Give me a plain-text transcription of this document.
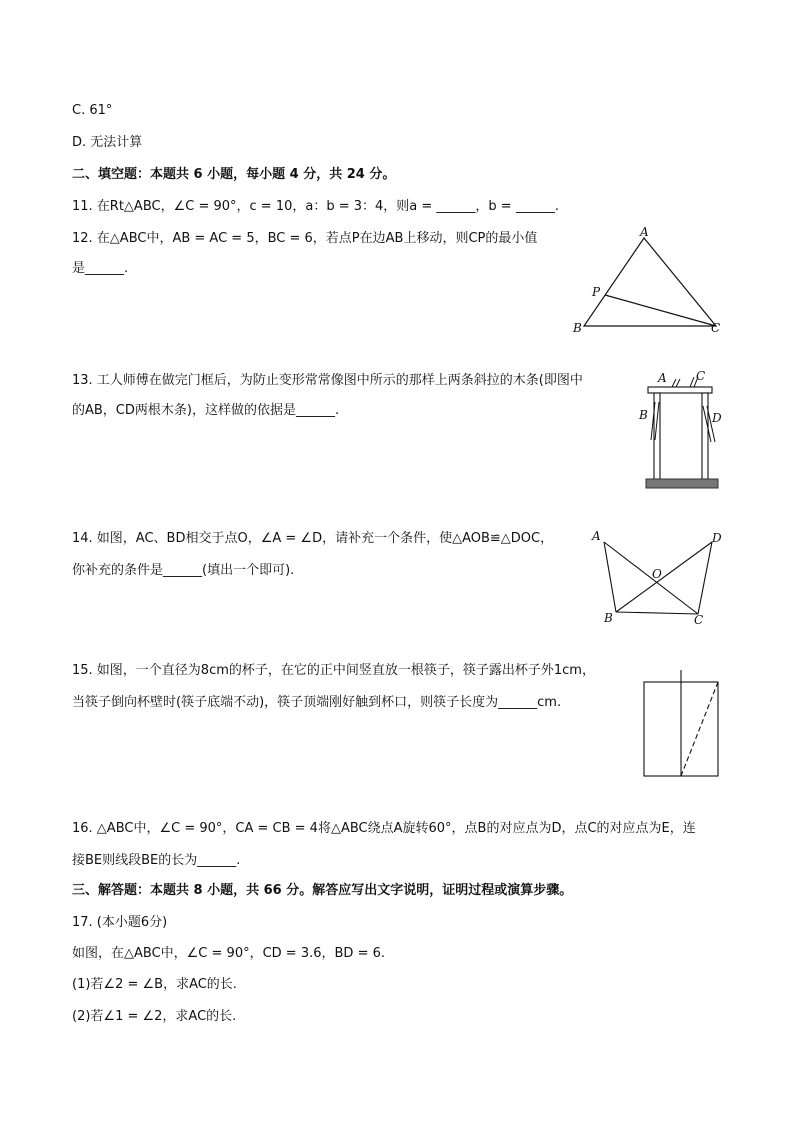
C. 61°
D. 无法计算
二、填空题：本题共 6 小题，每小题 4 分，共 24 分。
11. 在Rt△ABC，∠C = 90°，c = 10，a：b = 3：4，则a = ______，b = ______.
12. 在△ABC中，AB = AC = 5，BC = 6，若点P在边AB上移动，则CP的最小值
是______.
A
B	C
P
13. 工人师傅在做完门框后，为防止变形常常像图中所示的那样上两条斜拉的木条(即图中
的AB，CD两根木条)，这样做的依据是______.
A C
B	D
14. 如图，AC、BD相交于点O，∠A = ∠D，请补充一个条件，使△AOB≌△DOC，
你补充的条件是______(填出一个即可).
A	D
B	C
O
15. 如图，一个直径为8cm的杯子，在它的正中间竖直放一根筷子，筷子露出杯子外1cm，
当筷子倒向杯壁时(筷子底端不动)，筷子顶端刚好触到杯口，则筷子长度为______cm.
16. △ABC中，∠C = 90°，CA = CB = 4将△ABC绕点A旋转60°，点B的对应点为D，点C的对应点为E，连
接BE则线段BE的长为______.
三、解答题：本题共 8 小题，共 66 分。解答应写出文字说明，证明过程或演算步骤。
17. (本小题6分)
如图，在△ABC中，∠C = 90°，CD = 3.6，BD = 6.
(1)若∠2 = ∠B，求AC的长.
(2)若∠1 = ∠2，求AC的长.
